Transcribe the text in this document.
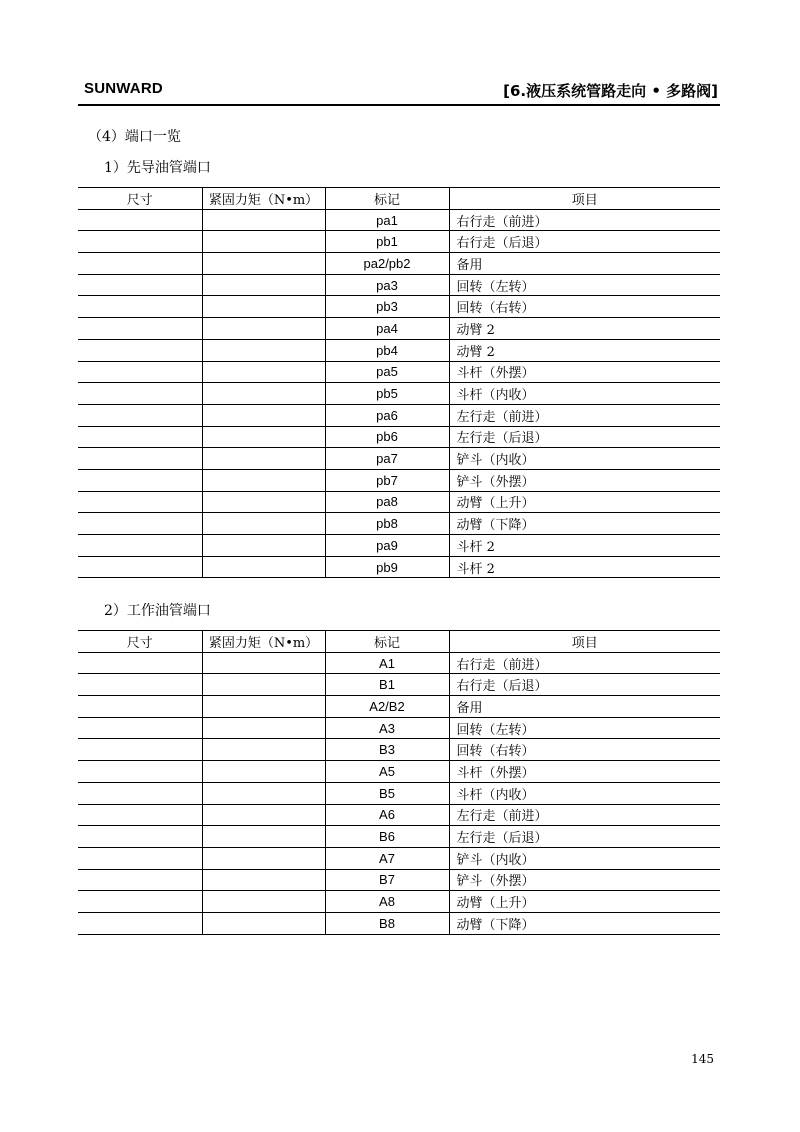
SUNWARD	[6.液压系统管路走向 • 多路阀]
（4）端口一览
1）先导油管端口
尺寸	紧固力矩（N•m）	标记	项目
		pa1	右行走（前进）
		pb1	右行走（后退）
		pa2/pb2	备用
		pa3	回转（左转）
		pb3	回转（右转）
		pa4	动臂 2
		pb4	动臂 2
		pa5	斗杆（外摆）
		pb5	斗杆（内收）
		pa6	左行走（前进）
		pb6	左行走（后退）
		pa7	铲斗（内收）
		pb7	铲斗（外摆）
		pa8	动臂（上升）
		pb8	动臂（下降）
		pa9	斗杆 2
		pb9	斗杆 2
2）工作油管端口
尺寸	紧固力矩（N•m）	标记	项目
		A1	右行走（前进）
		B1	右行走（后退）
		A2/B2	备用
		A3	回转（左转）
		B3	回转（右转）
		A5	斗杆（外摆）
		B5	斗杆（内收）
		A6	左行走（前进）
		B6	左行走（后退）
		A7	铲斗（内收）
		B7	铲斗（外摆）
		A8	动臂（上升）
		B8	动臂（下降）
145
